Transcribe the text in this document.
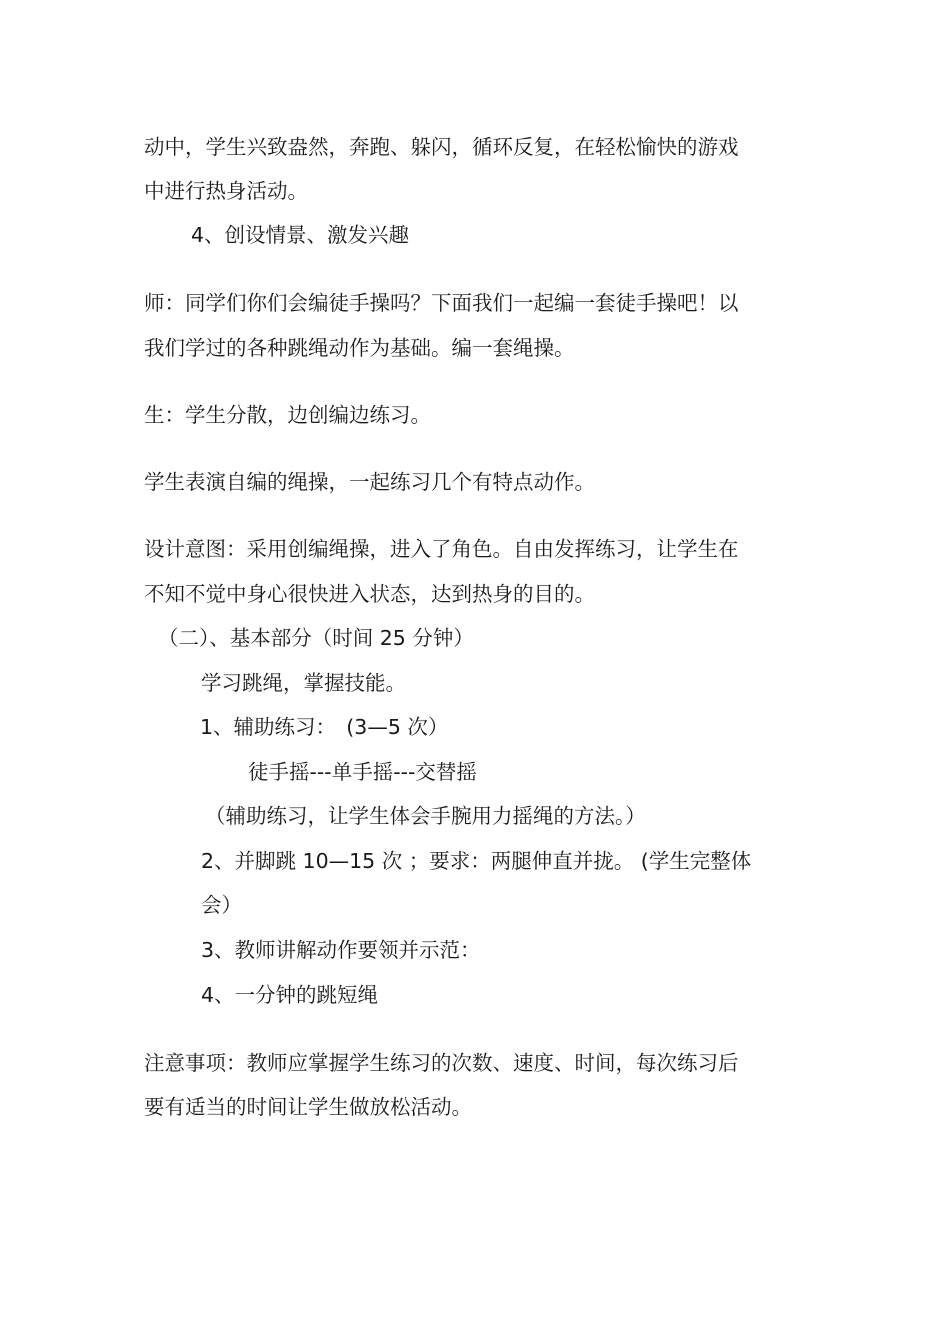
动中，学生兴致盎然，奔跑、躲闪，循环反复，在轻松愉快的游戏
中进行热身活动。
4、创设情景、激发兴趣
师：同学们你们会编徒手操吗？下面我们一起编一套徒手操吧！以
我们学过的各种跳绳动作为基础。编一套绳操。
生：学生分散，边创编边练习。
学生表演自编的绳操，一起练习几个有特点动作。
设计意图：采用创编绳操，进入了角色。自由发挥练习，让学生在
不知不觉中身心很快进入状态，达到热身的目的。
（二）、基本部分（时间 25 分钟）
学习跳绳，掌握技能。
1、辅助练习：　(3—5 次）
徒手摇---单手摇---交替摇
（辅助练习，让学生体会手腕用力摇绳的方法。）
2、并脚跳 10—15 次 ；要求：两腿伸直并拢。 (学生完整体
会）
3、教师讲解动作要领并示范：
4、一分钟的跳短绳
注意事项：教师应掌握学生练习的次数、速度、时间，每次练习后
要有适当的时间让学生做放松活动。
